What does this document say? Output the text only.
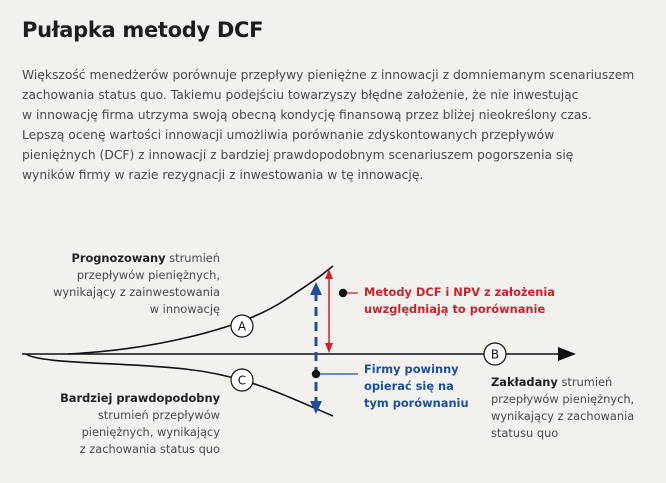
Pułapka metody DCF
Większość menedżerów porównuje przepływy pieniężne z innowacji z domniemanym scenariuszem
zachowania status quo. Takiemu podejściu towarzyszy błędne założenie, że nie inwestując
w innowację firma utrzyma swoją obecną kondycję finansową przez bliżej nieokreślony czas.
Lepszą ocenę wartości innowacji umożliwia porównanie zdyskontowanych przepływów
pieniężnych (DCF) z innowacji z bardziej prawdopodobnym scenariuszem pogorszenia się
wyników firmy w razie rezygnacji z inwestowania w tę innowację.
A
B
C
Prognozowany strumień
przepływów pieniężnych,
wynikający z zainwestowania
w innowację
Bardziej prawdopodobny
strumień przepływów
pieniężnych, wynikający
z zachowania status quo
Zakładany strumień
przepływów pieniężnych,
wynikający z zachowania
statusu quo
Metody DCF i NPV z założenia
uwzględniają to porównanie
Firmy powinny
opierać się na
tym porównaniu
